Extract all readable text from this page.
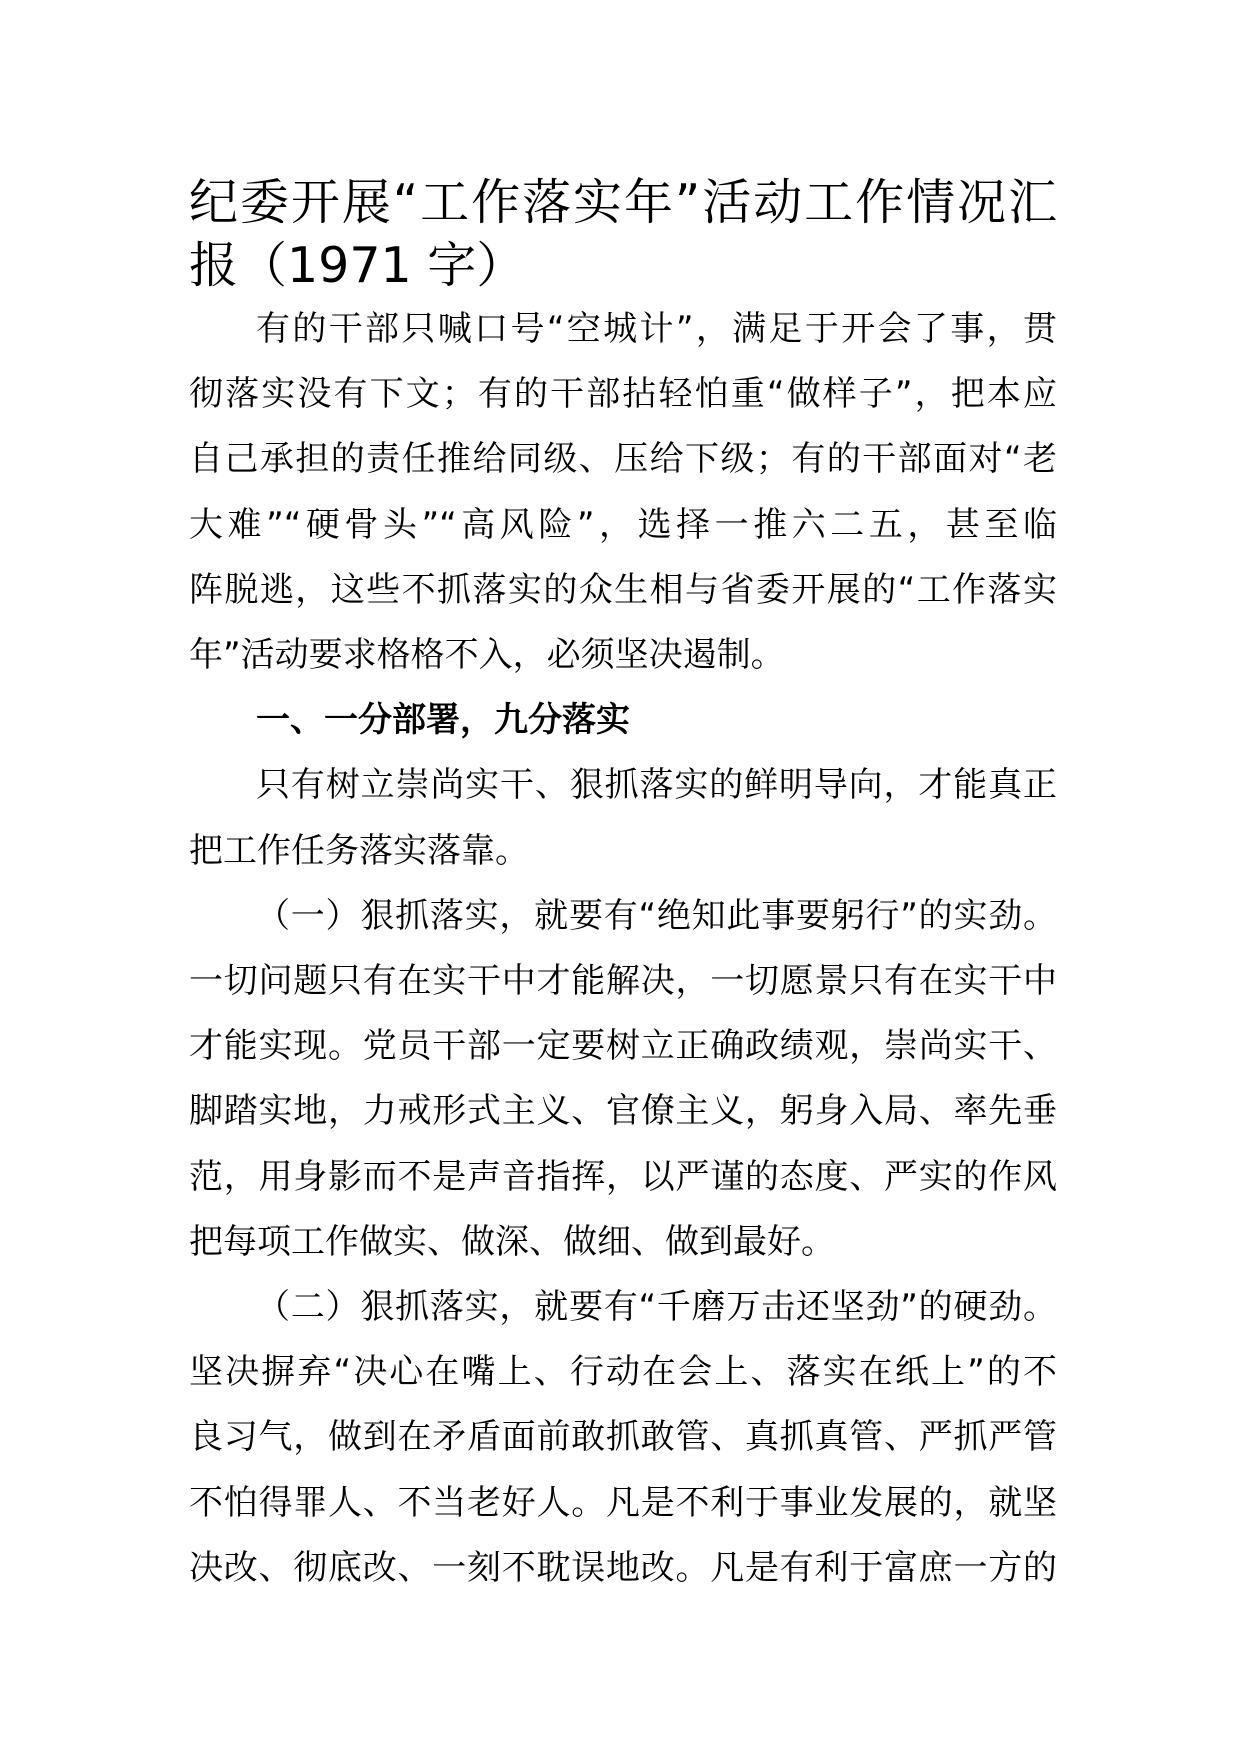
纪委开展“工作落实年”活动工作情况汇
报（1971 字）
有的干部只喊口号“空城计”，满足于开会了事，贯
彻落实没有下文；有的干部拈轻怕重“做样子”，把本应
自己承担的责任推给同级、压给下级；有的干部面对“老
大难”“硬骨头”“高风险”，选择一推六二五，甚至临
阵脱逃，这些不抓落实的众生相与省委开展的“工作落实
年”活动要求格格不入，必须坚决遏制。
一、一分部署，九分落实
只有树立崇尚实干、狠抓落实的鲜明导向，才能真正
把工作任务落实落靠。
（一）狠抓落实，就要有“绝知此事要躬行”的实劲。
一切问题只有在实干中才能解决，一切愿景只有在实干中
才能实现。党员干部一定要树立正确政绩观，崇尚实干、
脚踏实地，力戒形式主义、官僚主义，躬身入局、率先垂
范，用身影而不是声音指挥，以严谨的态度、严实的作风
把每项工作做实、做深、做细、做到最好。
（二）狠抓落实，就要有“千磨万击还坚劲”的硬劲。
坚决摒弃“决心在嘴上、行动在会上、落实在纸上”的不
良习气，做到在矛盾面前敢抓敢管、真抓真管、严抓严管
不怕得罪人、不当老好人。凡是不利于事业发展的，就坚
决改、彻底改、一刻不耽误地改。凡是有利于富庶一方的
